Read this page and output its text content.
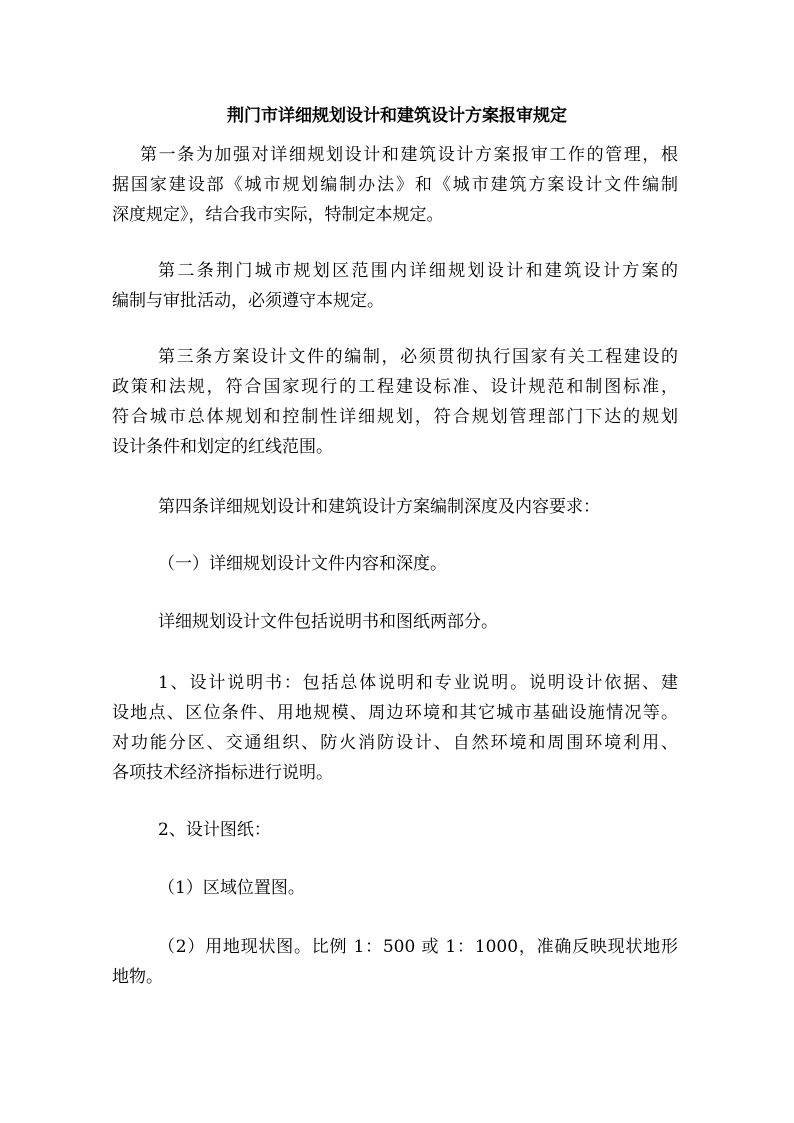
荆门市详细规划设计和建筑设计方案报审规定
第一条为加强对详细规划设计和建筑设计方案报审工作的管理，根
据国家建设部《城市规划编制办法》和《城市建筑方案设计文件编制
深度规定》，结合我市实际，特制定本规定。
第二条荆门城市规划区范围内详细规划设计和建筑设计方案的
编制与审批活动，必须遵守本规定。
第三条方案设计文件的编制，必须贯彻执行国家有关工程建设的
政策和法规，符合国家现行的工程建设标准、设计规范和制图标准，
符合城市总体规划和控制性详细规划，符合规划管理部门下达的规划
设计条件和划定的红线范围。
第四条详细规划设计和建筑设计方案编制深度及内容要求：
（一）详细规划设计文件内容和深度。
详细规划设计文件包括说明书和图纸两部分。
1、设计说明书：包括总体说明和专业说明。说明设计依据、建
设地点、区位条件、用地规模、周边环境和其它城市基础设施情况等。
对功能分区、交通组织、防火消防设计、自然环境和周围环境利用、
各项技术经济指标进行说明。
2、设计图纸：
（1）区域位置图。
（2）用地现状图。比例 1：500 或 1：1000，准确反映现状地形
地物。
